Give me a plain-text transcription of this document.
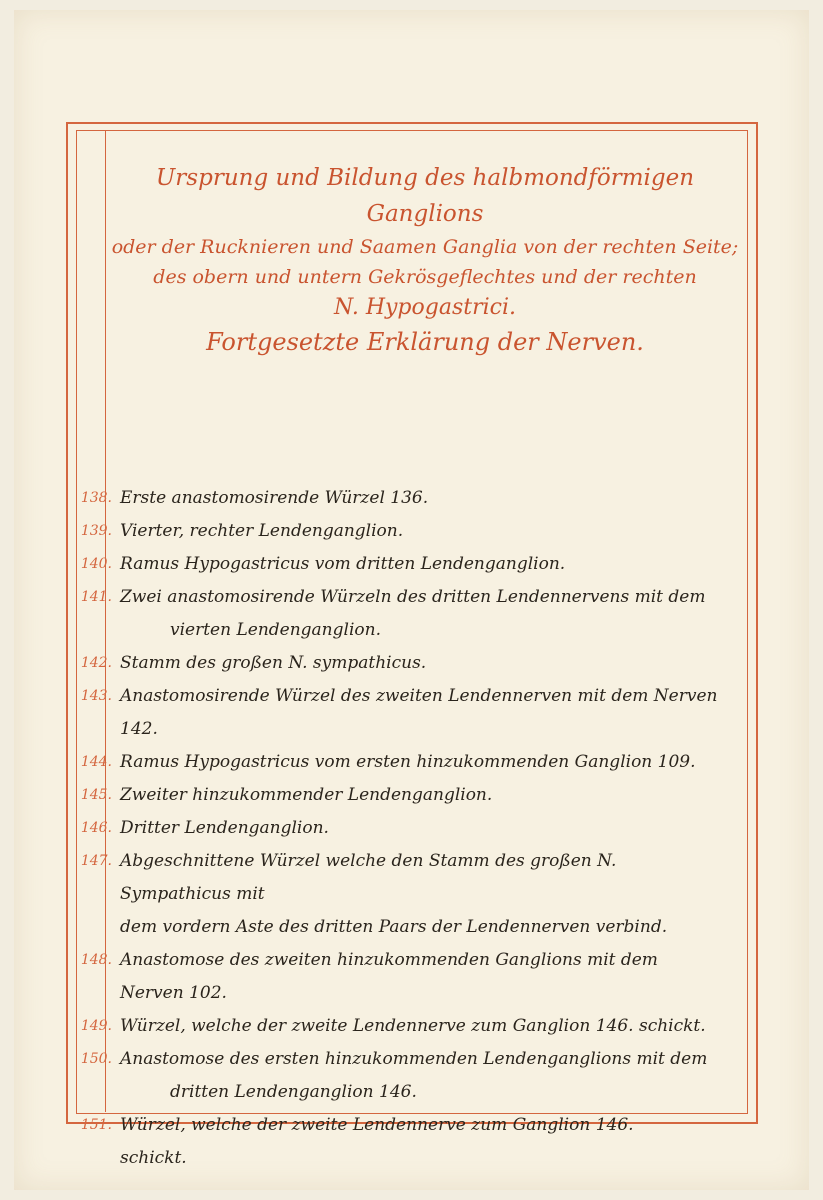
Ursprung und Bildung des halbmondförmigen Ganglions
oder der Rucknieren und Saamen Ganglia von der rechten Seite;
des obern und untern Gekrösgeflechtes und der rechten
N. Hypogastrici.
Fortgesetzte Erklärung der Nerven.
138. Erste anastomosirende Würzel 136.
139. Vierter, rechter Lendenganglion.
140. Ramus Hypogastricus vom dritten Lendenganglion.
141. Zwei anastomosirende Würzeln des dritten Lendennervens mit dem
vierten Lendenganglion.
142. Stamm des großen N. sympathicus.
143. Anastomosirende Würzel des zweiten Lendennerven mit dem Nerven 142.
144. Ramus Hypogastricus vom ersten hinzukommenden Ganglion 109.
145. Zweiter hinzukommender Lendenganglion.
146. Dritter Lendenganglion.
147. Abgeschnittene Würzel welche den Stamm des großen N. Sympathicus mit
dem vordern Aste des dritten Paars der Lendennerven verbind.
148. Anastomose des zweiten hinzukommenden Ganglions mit dem Nerven 102.
149. Würzel, welche der zweite Lendennerve zum Ganglion 146. schickt.
150. Anastomose des ersten hinzukommenden Lendenganglions mit dem
dritten Lendenganglion 146.
151. Würzel, welche der zweite Lendennerve zum Ganglion 146.
schickt.
